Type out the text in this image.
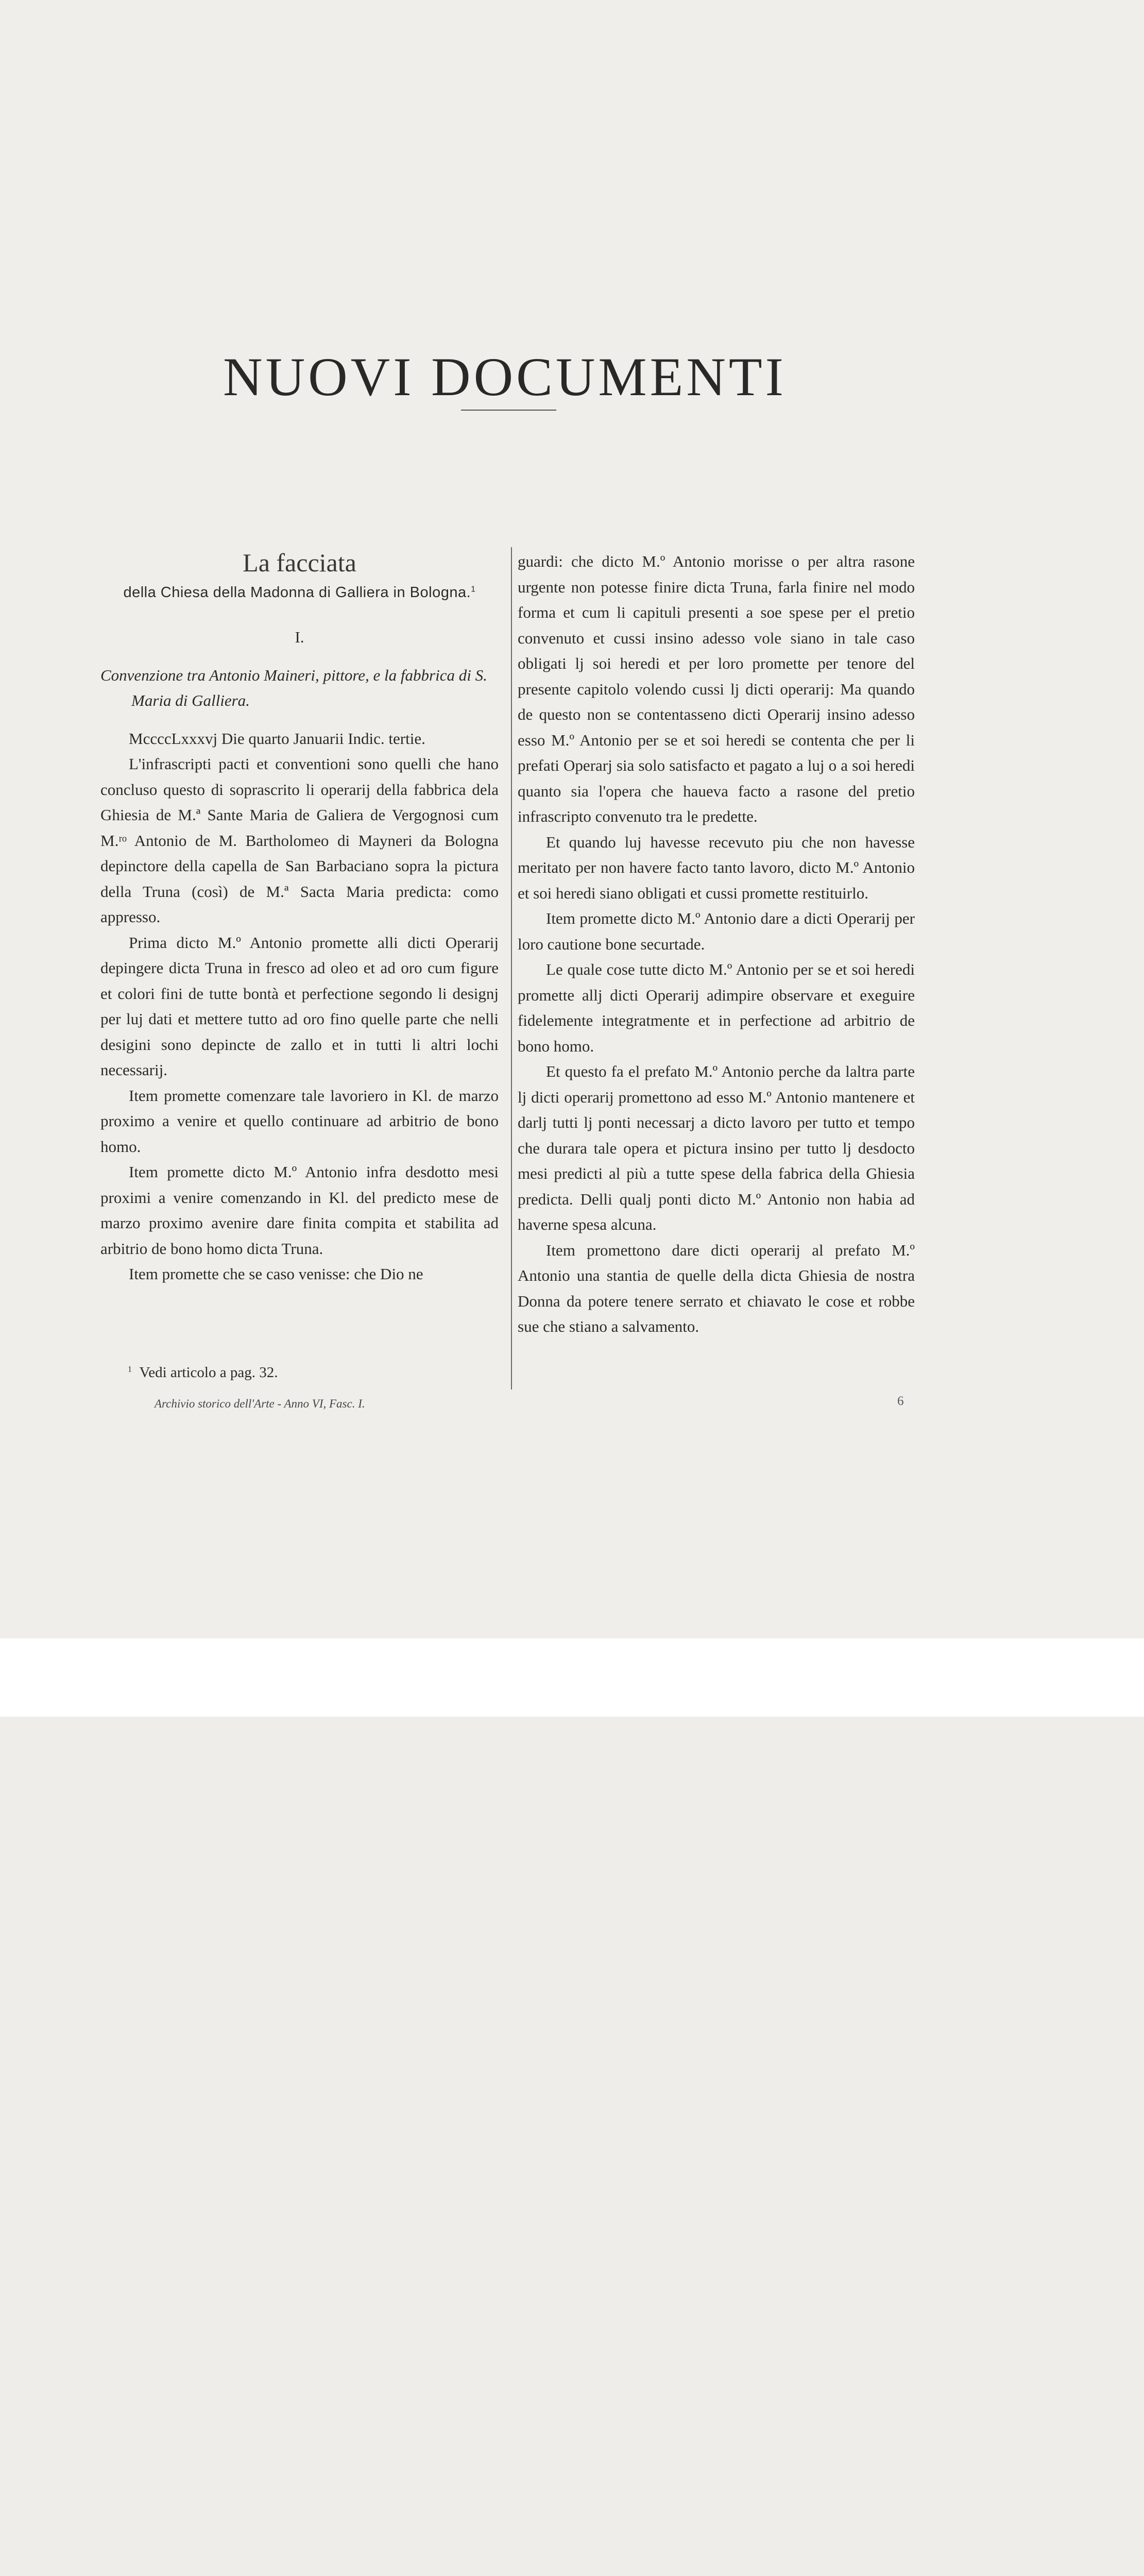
NUOVI DOCUMENTI

La facciata

della Chiesa della Madonna di Galliera in Bologna.$^1$

I.

Convenzione tra Antonio Maineri, pittore, e la fabbrica di S. Maria di Galliera.

MccccLxxxvj Die quarto Januarii Indic. tertie.

L'infrascripti pacti et conventioni sono quelli che hano concluso questo di soprascrito li operarij della fabbrica dela Ghiesia de M.ª Sante Maria de Galiera de Vergognosi cum M.ʳᵒ Antonio de M. Bartholomeo di Mayneri da Bologna depinctore della capella de San Barbaciano sopra la pictura della Truna (così) de M.ª Sacta Maria predicta: como appresso.

Prima dicto M.º Antonio promette alli dicti Operarij depingere dicta Truna in fresco ad oleo et ad oro cum figure et colori fini de tutte bontà et perfectione segondo li designj per luj dati et mettere tutto ad oro fino quelle parte che nelli desigini sono depincte de zallo et in tutti li altri lochi necessarij.

Item promette comenzare tale lavoriero in Kl. de marzo proximo a venire et quello continuare ad arbitrio de bono homo.

Item promette dicto M.º Antonio infra desdotto mesi proximi a venire comenzando in Kl. del predicto mese de marzo proximo avenire dare finita compita et stabilita ad arbitrio de bono homo dicta Truna.

Item promette che se caso venisse: che Dio ne

guardi: che dicto M.º Antonio morisse o per altra rasone urgente non potesse finire dicta Truna, farla finire nel modo forma et cum li capituli presenti a soe spese per el pretio convenuto et cussi insino adesso vole siano in tale caso obligati lj soi heredi et per loro promette per tenore del presente capitolo volendo cussi lj dicti operarij: Ma quando de questo non se contentasseno dicti Operarij insino adesso esso M.º Antonio per se et soi heredi se contenta che per li prefati Operarj sia solo satisfacto et pagato a luj o a soi heredi quanto sia l'opera che haueva facto a rasone del pretio infrascripto convenuto tra le predette.

Et quando luj havesse recevuto piu che non havesse meritato per non havere facto tanto lavoro, dicto M.º Antonio et soi heredi siano obligati et cussi promette restituirlo.

Item promette dicto M.º Antonio dare a dicti Operarij per loro cautione bone securtade.

Le quale cose tutte dicto M.º Antonio per se et soi heredi promette allj dicti Operarij adimpire observare et exeguire fidelemente integratmente et in perfectione ad arbitrio de bono homo.

Et questo fa el prefato M.º Antonio perche da laltra parte lj dicti operarij promettono ad esso M.º Antonio mantenere et darlj tutti lj ponti necessarj a dicto lavoro per tutto et tempo che durara tale opera et pictura insino per tutto lj desdocto mesi predicti al più a tutte spese della fabrica della Ghiesia predicta. Delli qualj ponti dicto M.º Antonio non habia ad haverne spesa alcuna.

Item promettono dare dicti operarij al prefato M.º Antonio una stantia de quelle della dicta Ghiesia de nostra Donna da potere tenere serrato et chiavato le cose et robbe sue che stiano a salvamento.

$^1$ Vedi articolo a pag. 32.
Archivio storico dell'Arte - Anno VI, Fasc. I.	6
